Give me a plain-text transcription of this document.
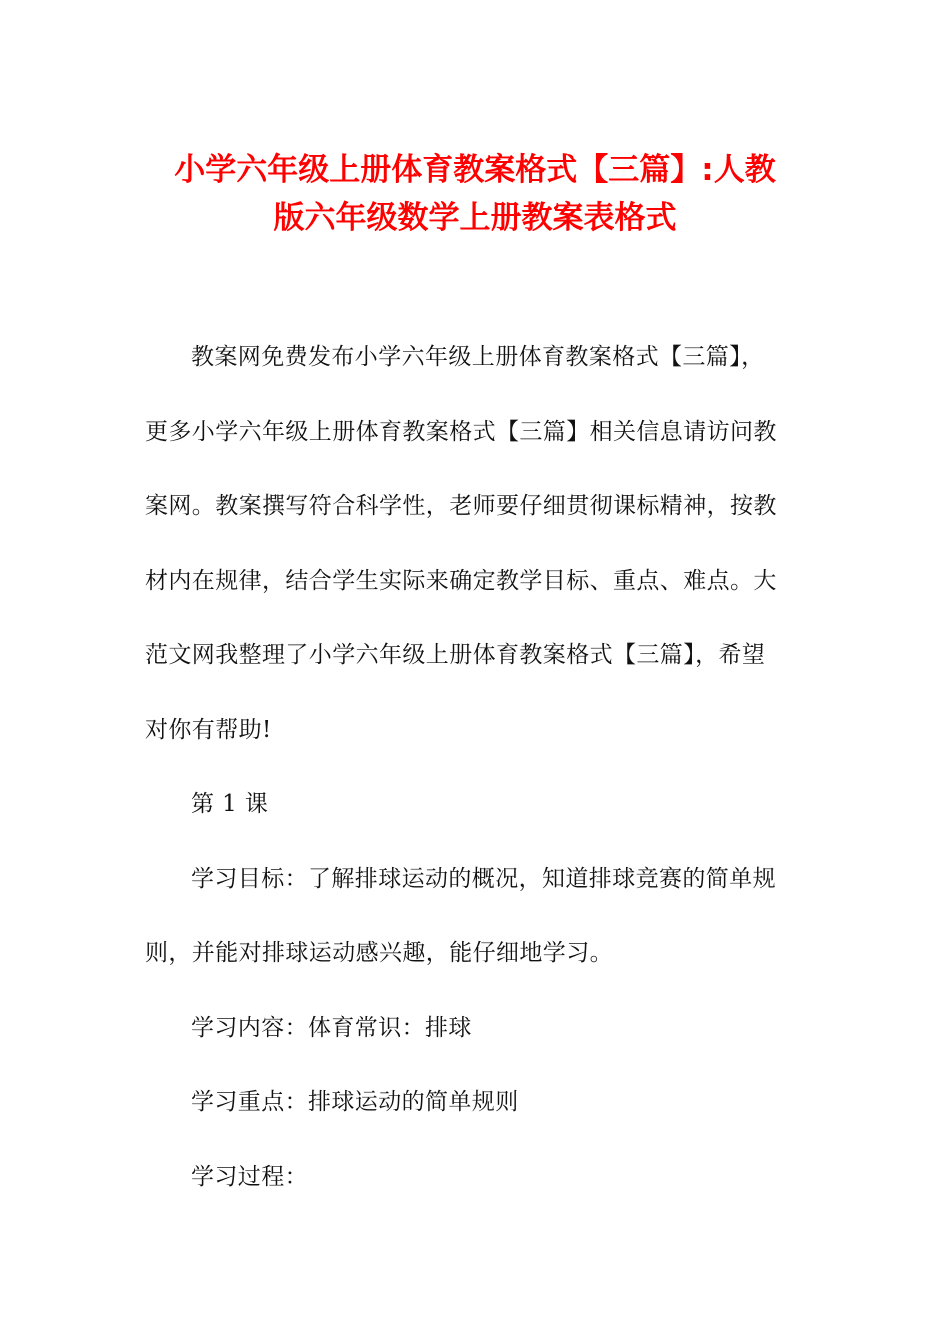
小学六年级上册体育教案格式【三篇】:人教
版六年级数学上册教案表格式
教案网免费发布小学六年级上册体育教案格式【三篇】，
更多小学六年级上册体育教案格式【三篇】相关信息请访问教
案网。教案撰写符合科学性，老师要仔细贯彻课标精神，按教
材内在规律，结合学生实际来确定教学目标、重点、难点。大
范文网我整理了小学六年级上册体育教案格式【三篇】，希望
对你有帮助!
第 1 课
学习目标：了解排球运动的概况，知道排球竞赛的简单规
则，并能对排球运动感兴趣，能仔细地学习。
学习内容：体育常识：排球
学习重点：排球运动的简单规则
学习过程：
